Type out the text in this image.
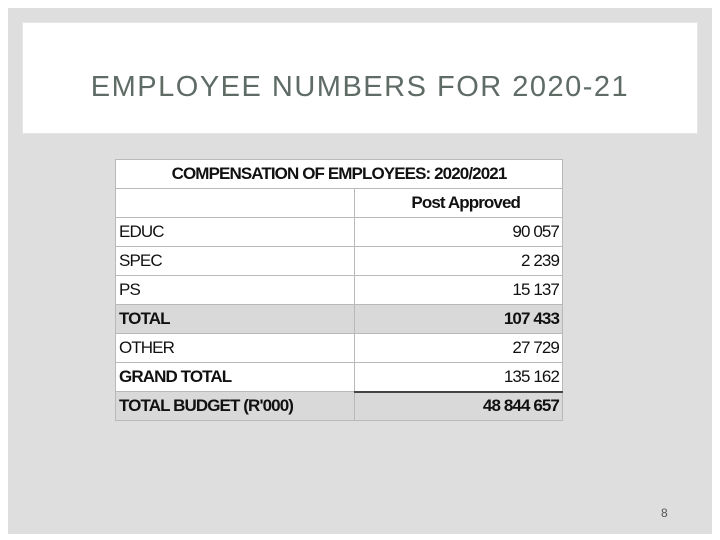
EMPLOYEE NUMBERS FOR 2020-21
COMPENSATION OF EMPLOYEES: 2020/2021	
	Post Approved
EDUC	90 057
SPEC	2 239
PS	15 137
TOTAL	107 433
OTHER	27 729
GRAND TOTAL	135 162
TOTAL BUDGET (R'000)	48 844 657
8
